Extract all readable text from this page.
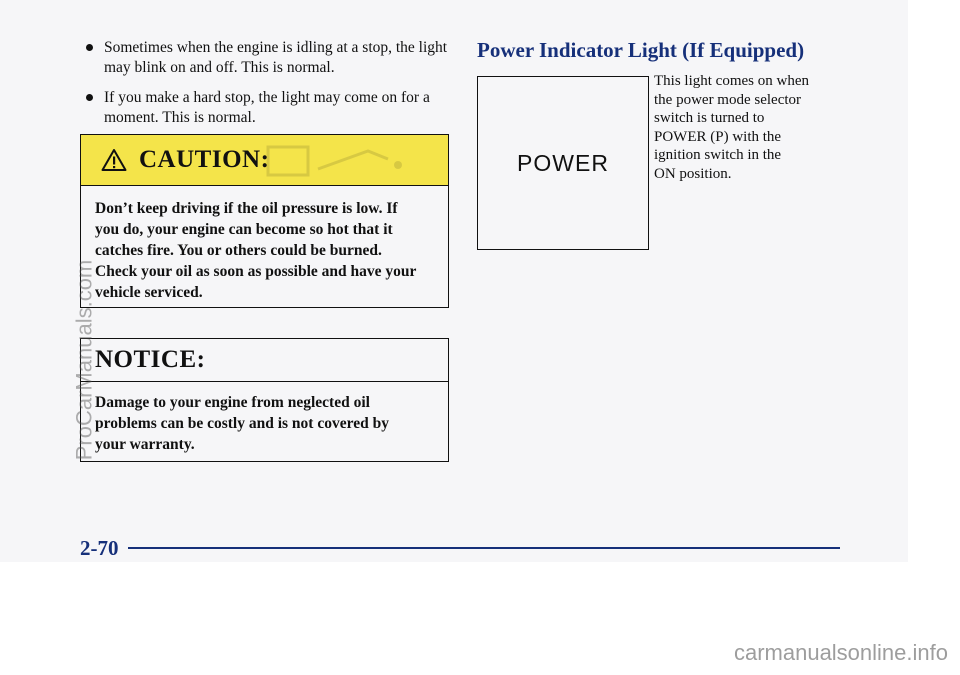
Sometimes when the engine is idling at a stop, the light may blink on and off. This is normal.
If you make a hard stop, the light may come on for a moment. This is normal.
CAUTION:
Don’t keep driving if the oil pressure is low. If
you do, your engine can become so hot that it
catches fire. You or others could be burned.
Check your oil as soon as possible and have your
vehicle serviced.
NOTICE:
Damage to your engine from neglected oil
problems can be costly and is not covered by
your warranty.
Power Indicator Light (If Equipped)
POWER
This light comes on when
the power mode selector
switch is turned to
POWER (P) with the
ignition switch in the
ON position.
2-70
ProCarManuals.com
carmanualsonline.info
